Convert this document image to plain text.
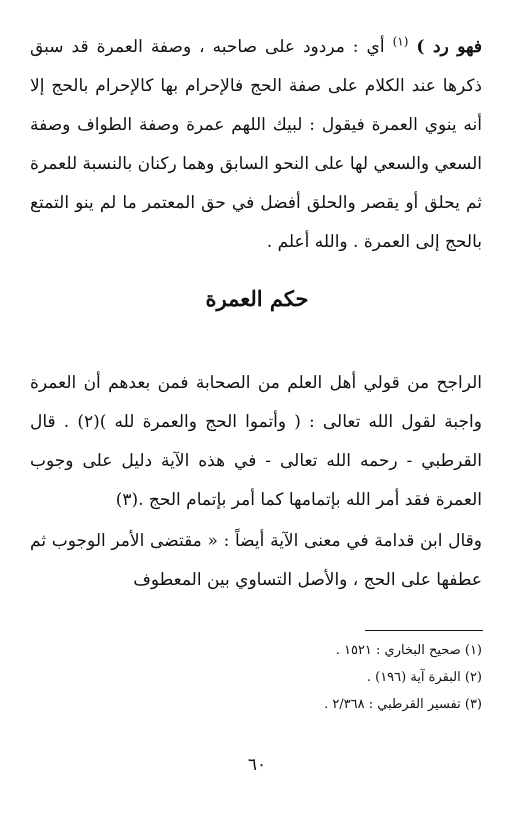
فهو رد ) $^{(١)}$ أي : مردود على صاحبه ، وصفة العمرة قد سبق ذكرها عند الكلام على صفة الحج فالإحرام بها كالإحرام بالحج إلا أنه ينوي العمرة فيقول : لبيك اللهم عمرة وصفة الطواف وصفة السعي والسعي لها على النحو السابق وهما ركنان بالنسبة للعمرة ثم يحلق أو يقصر والحلق أفضل في حق المعتمر ما لم ينو التمتع بالحج إلى العمرة . والله أعلم .

حكم العمرة

الراجح من قولي أهل العلم من الصحابة فمن بعدهم أن العمرة واجبة لقول الله تعالى : ( وأتموا الحج والعمرة لله )(٢) . قال القرطبي - رحمه الله تعالى - في هذه الآية دليل على وجوب العمرة فقد أمر الله بإتمامها كما أمر بإتمام الحج .(٣)

وقال ابن قدامة في معنى الآية أيضاً : « مقتضى الأمر الوجوب ثم عطفها على الحج ، والأصل التساوي بين المعطوف

(١) صحيح البخاري : ١٥٢١ .
(٢) البقرة آية (١٩٦) .
(٣) تفسير القرطبي : ٢/٣٦٨ .
٦٠
